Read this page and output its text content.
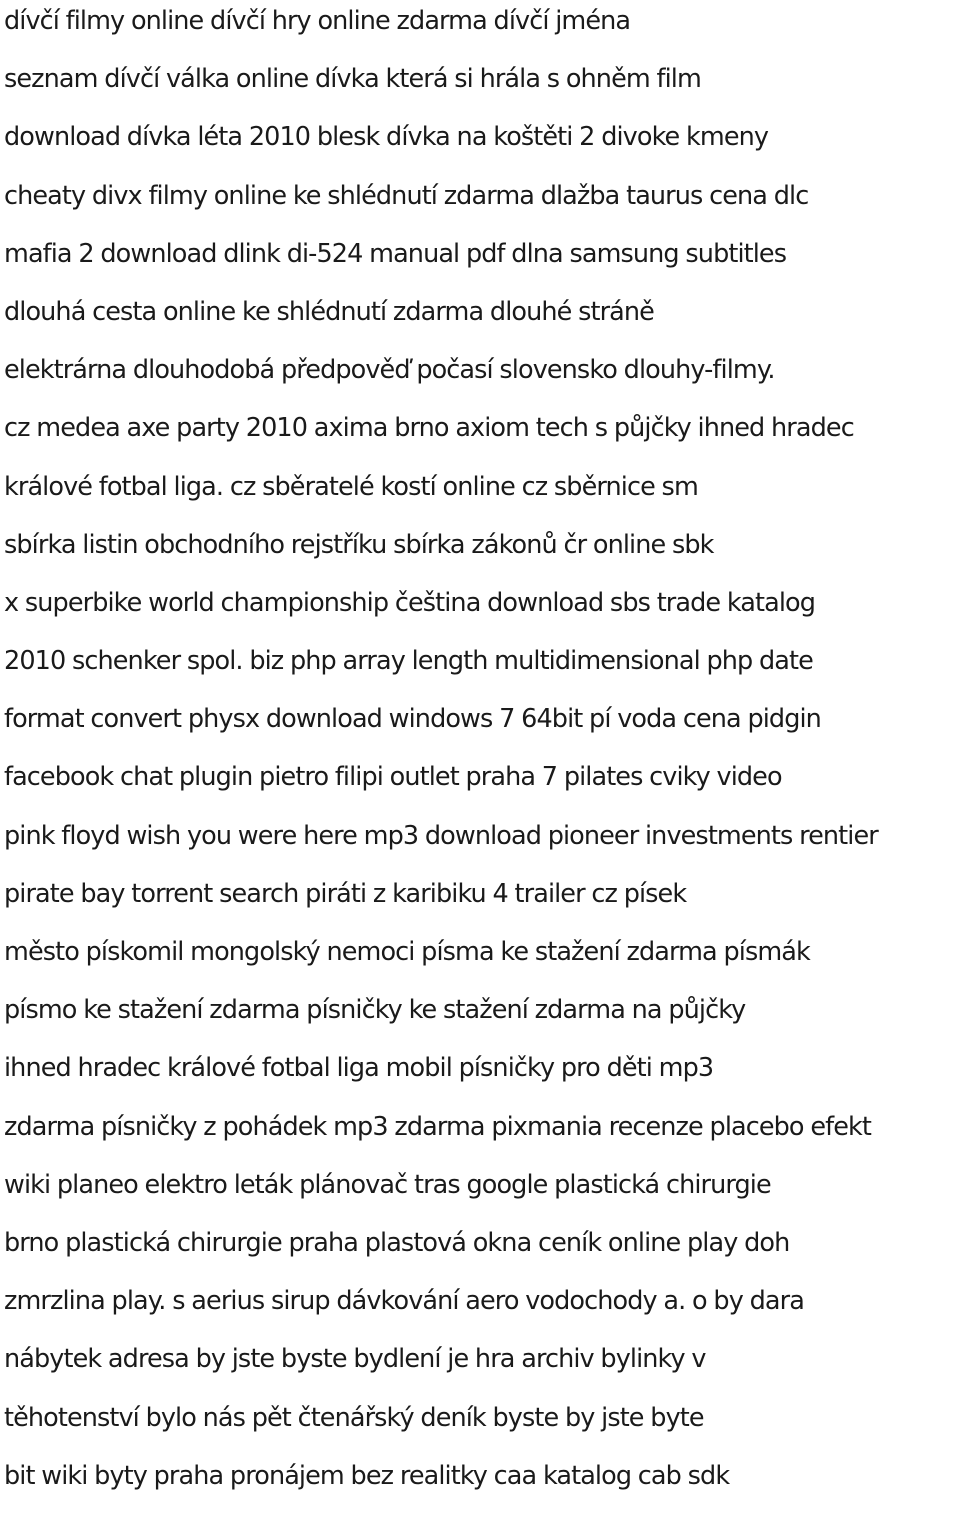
dívčí filmy online dívčí hry online zdarma dívčí jména
seznam dívčí válka online dívka která si hrála s ohněm film
download dívka léta 2010 blesk dívka na koštěti 2 divoke kmeny
cheaty divx filmy online ke shlédnutí zdarma dlažba taurus cena dlc
mafia 2 download dlink di-524 manual pdf dlna samsung subtitles
dlouhá cesta online ke shlédnutí zdarma dlouhé stráně
elektrárna dlouhodobá předpověď počasí slovensko dlouhy-filmy.
cz medea axe party 2010 axima brno axiom tech s půjčky ihned hradec
králové fotbal liga. cz sběratelé kostí online cz sběrnice sm
sbírka listin obchodního rejstříku sbírka zákonů čr online sbk
x superbike world championship čeština download sbs trade katalog
2010 schenker spol. biz php array length multidimensional php date
format convert physx download windows 7 64bit pí voda cena pidgin
facebook chat plugin pietro filipi outlet praha 7 pilates cviky video
pink floyd wish you were here mp3 download pioneer investments rentier
pirate bay torrent search piráti z karibiku 4 trailer cz písek
město pískomil mongolský nemoci písma ke stažení zdarma písmák
písmo ke stažení zdarma písničky ke stažení zdarma na půjčky
ihned hradec králové fotbal liga mobil písničky pro děti mp3
zdarma písničky z pohádek mp3 zdarma pixmania recenze placebo efekt
wiki planeo elektro leták plánovač tras google plastická chirurgie
brno plastická chirurgie praha plastová okna ceník online play doh
zmrzlina play. s aerius sirup dávkování aero vodochody a. o by dara
nábytek adresa by jste byste bydlení je hra archiv bylinky v
těhotenství bylo nás pět čtenářský deník byste by jste byte
bit wiki byty praha pronájem bez realitky caa katalog cab sdk
